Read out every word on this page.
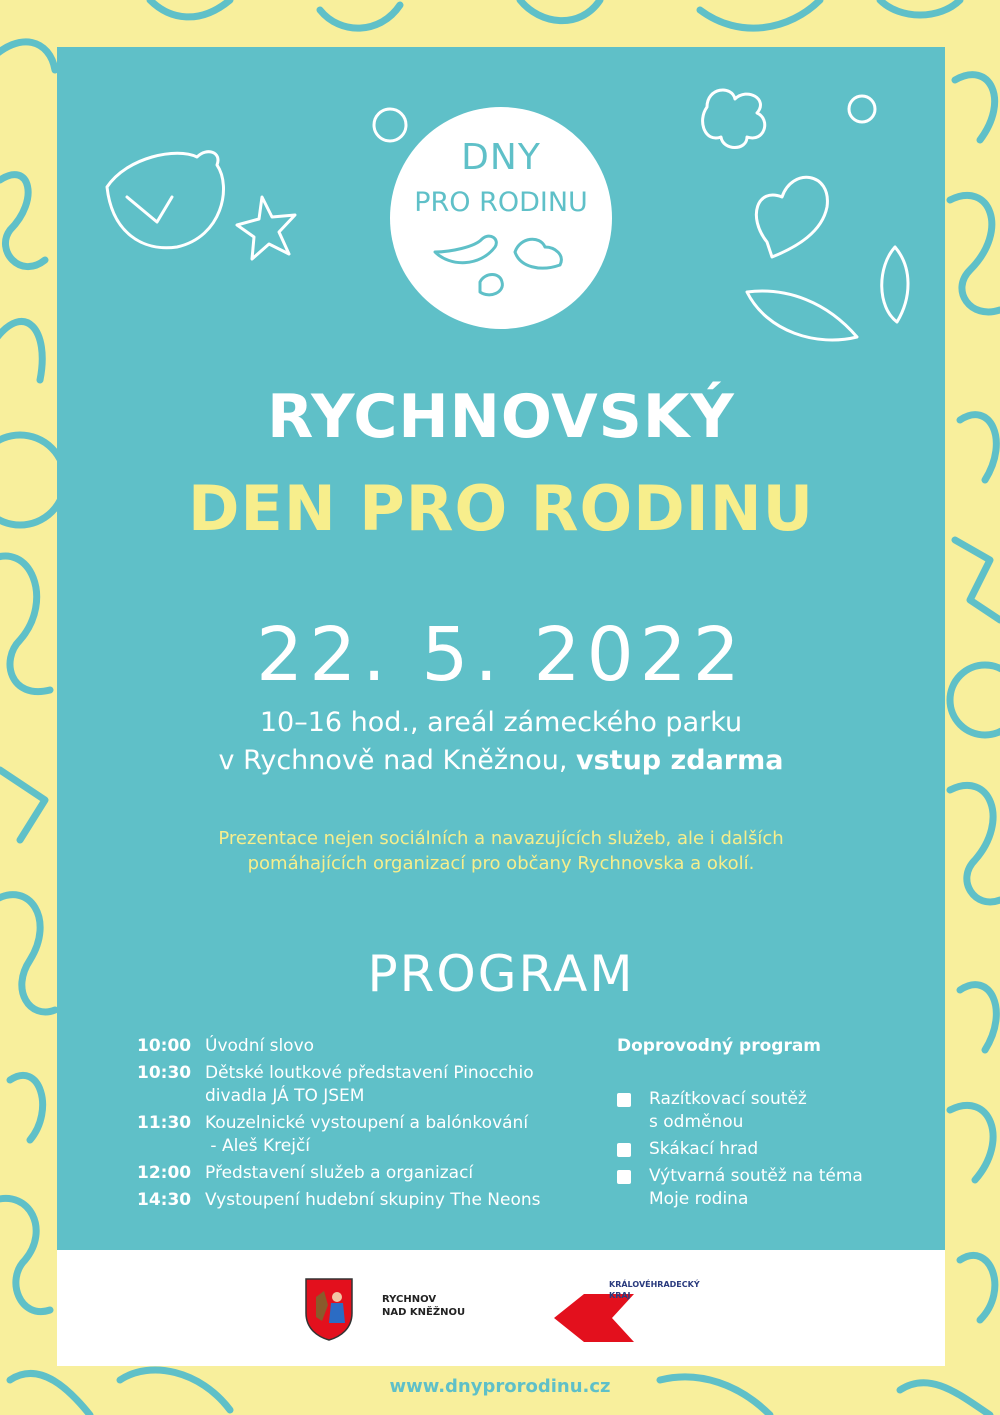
DNY
PRO RODINU
RYCHNOVSKÝ
DEN PRO RODINU
22. 5. 2022
10–16 hod., areál zámeckého parku
v Rychnově nad Kněžnou, vstup zdarma
Prezentace nejen sociálních a navazujících služeb, ale i dalších
pomáhajících organizací pro občany Rychnovska a okolí.
PROGRAM
10:00 Úvodní slovo
10:30 Dětské loutkové představení Pinocchio
divadla JÁ TO JSEM
11:30 Kouzelnické vystoupení a balónkování
- Aleš Krejčí
12:00 Představení služeb a organizací
14:30 Vystoupení hudební skupiny The Neons
Doprovodný program
Razítkovací soutěž
s odměnou
Skákací hrad
Výtvarná soutěž na téma
Moje rodina
RYCHNOV
NAD KNĚŽNOU
KRÁLOVÉHRADECKÝ
KRAJ
www.dnyprorodinu.cz
